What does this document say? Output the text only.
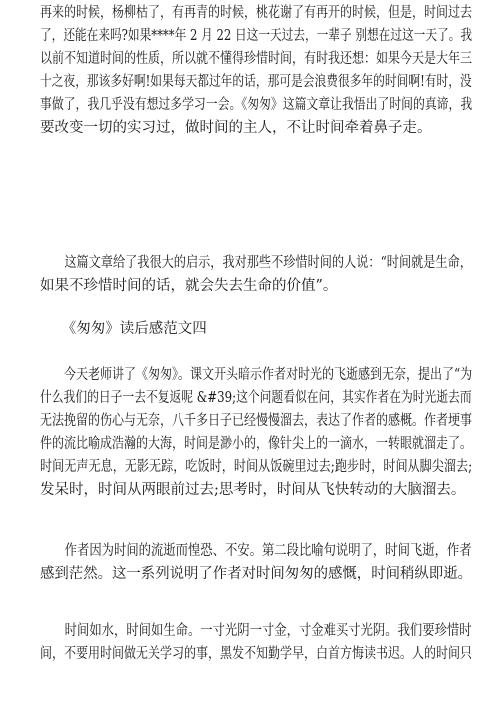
再来的时候，杨柳枯了，有再青的时候，桃花谢了有再开的时候，但是，时间过去
了，还能在来吗?如果****年 2 月 22 日这一天过去，一辈子 别想在过这一天了。我
以前不知道时间的性质，所以就不懂得珍惜时间，有时我还想：如果今天是大年三
十之夜，那该多好啊!如果每天都过年的话，那可是会浪费很多年的时间啊!有时，没
事做了，我几乎没有想过多学习一会。《匆匆》这篇文章让我悟出了时间的真谛，我
要改变一切的实习过，做时间的主人，不让时间牵着鼻子走。

　　这篇文章给了我很大的启示，我对那些不珍惜时间的人说：“时间就是生命，
如果不珍惜时间的话，就会失去生命的价值”。

　　《匆匆》读后感范文四

　　今天老师讲了《匆匆》。课文开头暗示作者对时光的飞逝感到无奈，提出了“为
什么我们的日子一去不复返呢 &#39;这个问题看似在问，其实作者在为时光逝去而
无法挽留的伤心与无奈，八千多日子已经慢慢溜去，表达了作者的感概。作者埂事
件的流比喻成浩瀚的大海，时间是渺小的，像针尖上的一滴水，一转眼就溜走了。
时间无声无息，无影无踪，吃饭时，时间从饭碗里过去;跑步时，时间从脚尖溜去;
发呆时，时间从两眼前过去;思考时，时间从飞快转动的大脑溜去。

　　作者因为时间的流逝而惶恐、不安。第二段比喻句说明了，时间飞逝，作者
感到茫然。这一系列说明了作者对时间匆匆的感慨，时间稍纵即逝。

　　时间如水，时间如生命。一寸光阴一寸金，寸金难买寸光阴。我们要珍惜时
间，不要用时间做无关学习的事，黑发不知勤学早，白首方悔读书迟。人的时间只
